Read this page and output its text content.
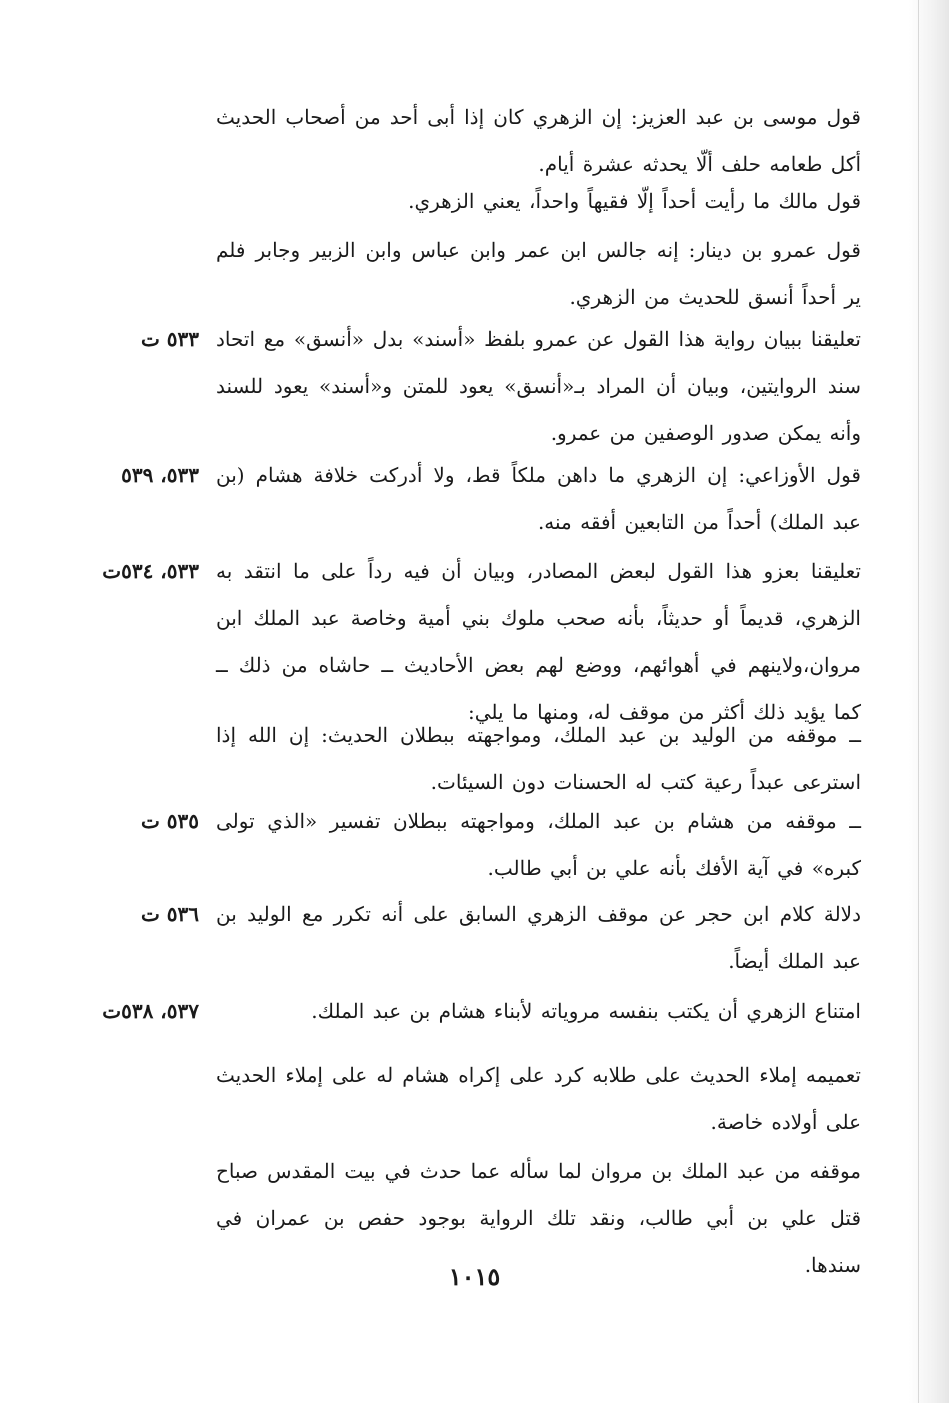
قول موسى بن عبد العزيز: إن الزهري كان إذا أبى أحد من أصحاب الحديث أكل طعامه حلف ألّا يحدثه عشرة أيام.
قول مالك ما رأيت أحداً إلّا فقيهاً واحداً، يعني الزهري.
قول عمرو بن دينار: إنه جالس ابن عمر وابن عباس وابن الزبير وجابر فلم ير أحداً أنسق للحديث من الزهري.
تعليقنا ببيان رواية هذا القول عن عمرو بلفظ «أسند» بدل «أنسق» مع اتحاد سند الروايتين، وبيان أن المراد بـ«أنسق» يعود للمتن و«أسند» يعود للسند وأنه يمكن صدور الوصفين من عمرو.
٥٣٣ ت
قول الأوزاعي: إن الزهري ما داهن ملكاً قط، ولا أدركت خلافة هشام (بن عبد الملك) أحداً من التابعين أفقه منه.
٥٣٣، ٥٣٩
تعليقنا بعزو هذا القول لبعض المصادر، وبيان أن فيه رداً على ما انتقد به الزهري، قديماً أو حديثاً، بأنه صحب ملوك بني أمية وخاصة عبد الملك ابن مروان،ولاينهم في أهوائهم، ووضع لهم بعض الأحاديث ــ حاشاه من ذلك ــ كما يؤيد ذلك أكثر من موقف له، ومنها ما يلي:
٥٣٣، ٥٣٤ت
ــ موقفه من الوليد بن عبد الملك، ومواجهته ببطلان الحديث: إن الله إذا استرعى عبداً رعية كتب له الحسنات دون السيئات.
ــ موقفه من هشام بن عبد الملك، ومواجهته ببطلان تفسير «الذي تولى كبره» في آية الأفك بأنه علي بن أبي طالب.
٥٣٥ ت
دلالة كلام ابن حجر عن موقف الزهري السابق على أنه تكرر مع الوليد بن عبد الملك أيضاً.
٥٣٦ ت
امتناع الزهري أن يكتب بنفسه مروياته لأبناء هشام بن عبد الملك.
٥٣٧، ٥٣٨ت
تعميمه إملاء الحديث على طلابه كرد على إكراه هشام له على إملاء الحديث على أولاده خاصة.
موقفه من عبد الملك بن مروان لما سأله عما حدث في بيت المقدس صباح قتل علي بن أبي طالب، ونقد تلك الرواية بوجود حفص بن عمران في سندها.
١٠١٥
